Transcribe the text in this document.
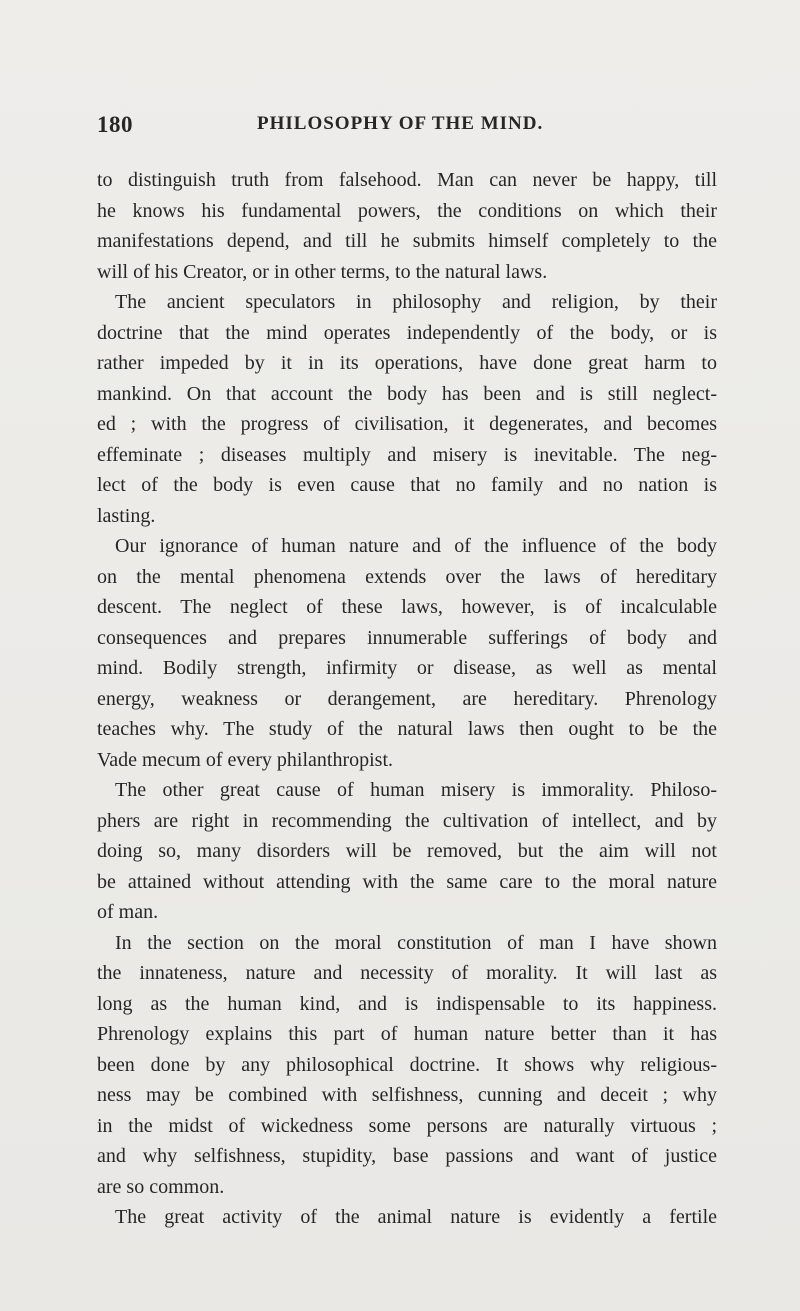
180	PHILOSOPHY OF THE MIND.
to distinguish truth from falsehood. Man can never be happy, till
he knows his fundamental powers, the conditions on which their
manifestations depend, and till he submits himself completely to the
will of his Creator, or in other terms, to the natural laws.
The ancient speculators in philosophy and religion, by their
doctrine that the mind operates independently of the body, or is
rather impeded by it in its operations, have done great harm to
mankind. On that account the body has been and is still neglect-
ed ; with the progress of civilisation, it degenerates, and becomes
effeminate ; diseases multiply and misery is inevitable. The neg-
lect of the body is even cause that no family and no nation is
lasting.
Our ignorance of human nature and of the influence of the body
on the mental phenomena extends over the laws of hereditary
descent. The neglect of these laws, however, is of incalculable
consequences and prepares innumerable sufferings of body and
mind. Bodily strength, infirmity or disease, as well as mental
energy, weakness or derangement, are hereditary. Phrenology
teaches why. The study of the natural laws then ought to be the
Vade mecum of every philanthropist.
The other great cause of human misery is immorality. Philoso-
phers are right in recommending the cultivation of intellect, and by
doing so, many disorders will be removed, but the aim will not
be attained without attending with the same care to the moral nature
of man.
In the section on the moral constitution of man I have shown
the innateness, nature and necessity of morality. It will last as
long as the human kind, and is indispensable to its happiness.
Phrenology explains this part of human nature better than it has
been done by any philosophical doctrine. It shows why religious-
ness may be combined with selfishness, cunning and deceit ; why
in the midst of wickedness some persons are naturally virtuous ;
and why selfishness, stupidity, base passions and want of justice
are so common.
The great activity of the animal nature is evidently a fertile
